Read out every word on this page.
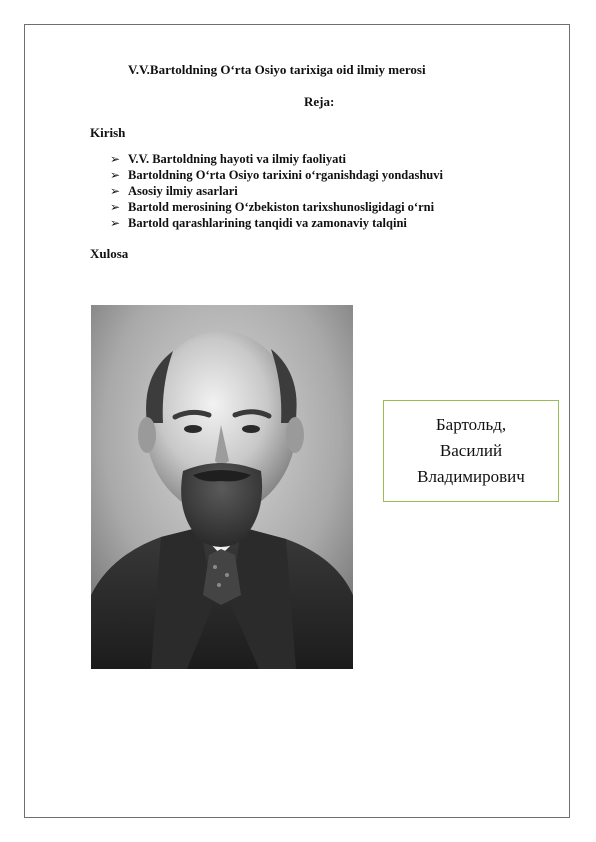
V.V.Bartoldning O‘rta Osiyo tarixiga oid ilmiy merosi
Reja:
Kirish
➢ V.V. Bartoldning hayoti va ilmiy faoliyati
➢ Bartoldning O‘rta Osiyo tarixini o‘rganishdagi yondashuvi
➢ Asosiy ilmiy asarlari
➢ Bartold merosining O‘zbekiston tarixshunosligidagi o‘rni
➢ Bartold qarashlarining tanqidi va zamonaviy talqini
Xulosa
Бартольд,
Василий
Владимирович
